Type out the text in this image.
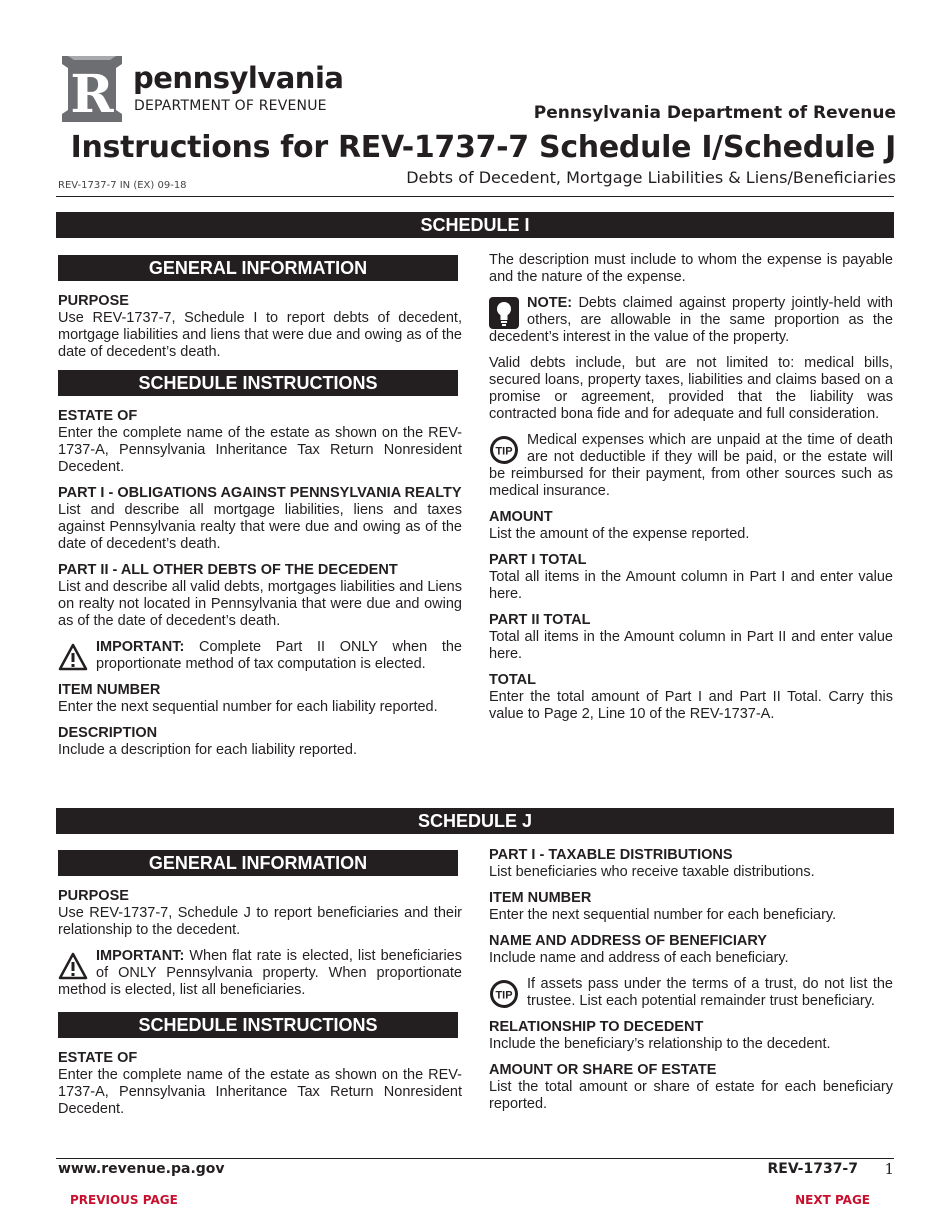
R pennsylvania
DEPARTMENT OF REVENUE	Pennsylvania Department of Revenue
Instructions for REV-1737-7 Schedule I/Schedule J
Debts of Decedent, Mortgage Liabilities & Liens/Beneficiaries
REV-1737-7 IN (EX) 09-18
SCHEDULE I
GENERAL INFORMATION
PURPOSE

Use REV-1737-7, Schedule I to report debts of decedent, mortgage liabilities and liens that were due and owing as of the date of decedent’s death.

SCHEDULE INSTRUCTIONS
ESTATE OF

Enter the complete name of the estate as shown on the REV-1737-A, Pennsylvania Inheritance Tax Return Nonresident Decedent.

PART I - OBLIGATIONS AGAINST PENNSYLVANIA REALTY

List and describe all mortgage liabilities, liens and taxes against Pennsylvania realty that were due and owing as of the date of decedent’s death.

PART II - ALL OTHER DEBTS OF THE DECEDENT

List and describe all valid debts, mortgages liabilities and Liens on realty not located in Pennsylvania that were due and owing as of the date of decedent’s death.

IMPORTANT: Complete Part II ONLY when the proportionate method of tax computation is elected.
ITEM NUMBER

Enter the next sequential number for each liability reported.

DESCRIPTION

Include a description for each liability reported.

The description must include to whom the expense is payable and the nature of the expense.

NOTE: Debts claimed against property jointly-held with others, are allowable in the same proportion as the decedent’s interest in the value of the property.

Valid debts include, but are not limited to: medical bills, secured loans, property taxes, liabilities and claims based on a promise or agreement, provided that the liability was contracted bona fide and for adequate and full consideration.

TIP
Medical expenses which are unpaid at the time of death are not deductible if they will be paid, or the estate will be reimbursed for their payment, from other sources such as medical insurance.
AMOUNT

List the amount of the expense reported.

PART I TOTAL

Total all items in the Amount column in Part I and enter value here.

PART II TOTAL

Total all items in the Amount column in Part II and enter value here.

TOTAL

Enter the total amount of Part I and Part II Total. Carry this value to Page 2, Line 10 of the REV-1737-A.

SCHEDULE J
GENERAL INFORMATION
PURPOSE

Use REV-1737-7, Schedule J to report beneficiaries and their relationship to the decedent.

IMPORTANT: When flat rate is elected, list beneficiaries of ONLY Pennsylvania property. When proportionate method is elected, list all beneficiaries.
SCHEDULE INSTRUCTIONS
ESTATE OF

Enter the complete name of the estate as shown on the REV-1737-A, Pennsylvania Inheritance Tax Return Nonresident Decedent.

PART I - TAXABLE DISTRIBUTIONS

List beneficiaries who receive taxable distributions.

ITEM NUMBER

Enter the next sequential number for each beneficiary.

NAME AND ADDRESS OF BENEFICIARY

Include name and address of each beneficiary.

TIP
If assets pass under the terms of a trust, do not list the trustee. List each potential remainder trust beneficiary.
RELATIONSHIP TO DECEDENT

Include the beneficiary’s relationship to the decedent.

AMOUNT OR SHARE OF ESTATE

List the total amount or share of estate for each beneficiary reported.

www.revenue.pa.gov	REV-1737-7 1
PREVIOUS PAGE	NEXT PAGE
